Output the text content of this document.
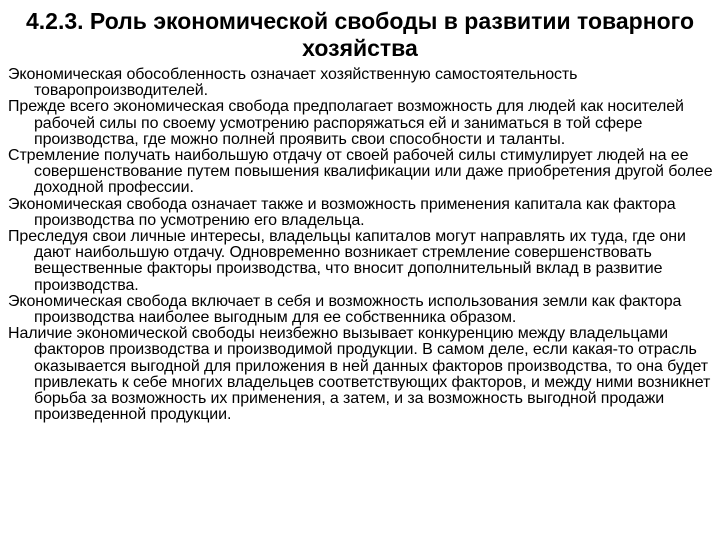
4.2.3. Роль экономической свободы в развитии товарного хозяйства

Экономическая обособленность означает хозяйственную самостоятельность товаропроизводителей.

Прежде всего экономическая свобода предполагает возможность для людей как носителей рабочей силы по своему усмотрению распоряжаться ей и заниматься в той сфере производства, где можно полней проявить свои способности и таланты.

Стремление получать наибольшую отдачу от своей рабочей силы стимулирует людей на ее совершенствование путем повышения квалификации или даже приобретения другой более доходной профессии.

Экономическая свобода означает также и возможность применения капитала как фактора производства по усмотрению его владельца.

Преследуя свои личные интересы, владельцы капиталов могут направлять их туда, где они дают наибольшую отдачу. Одновременно возникает стремление совершенствовать вещественные факторы производства, что вносит дополнительный вклад в развитие производства.

Экономическая свобода включает в себя и возможность использования земли как фактора производства наиболее выгодным для ее собственника образом.

Наличие экономической свободы неизбежно вызывает конкуренцию между владельцами факторов производства и производимой продукции. В самом деле, если какая-то отрасль оказывается выгодной для приложения в ней данных факторов производства, то она будет привлекать к себе многих владельцев соответствующих факторов, и между ними возникнет борьба за возможность их применения, а затем, и за возможность выгодной продажи произведенной продукции.
